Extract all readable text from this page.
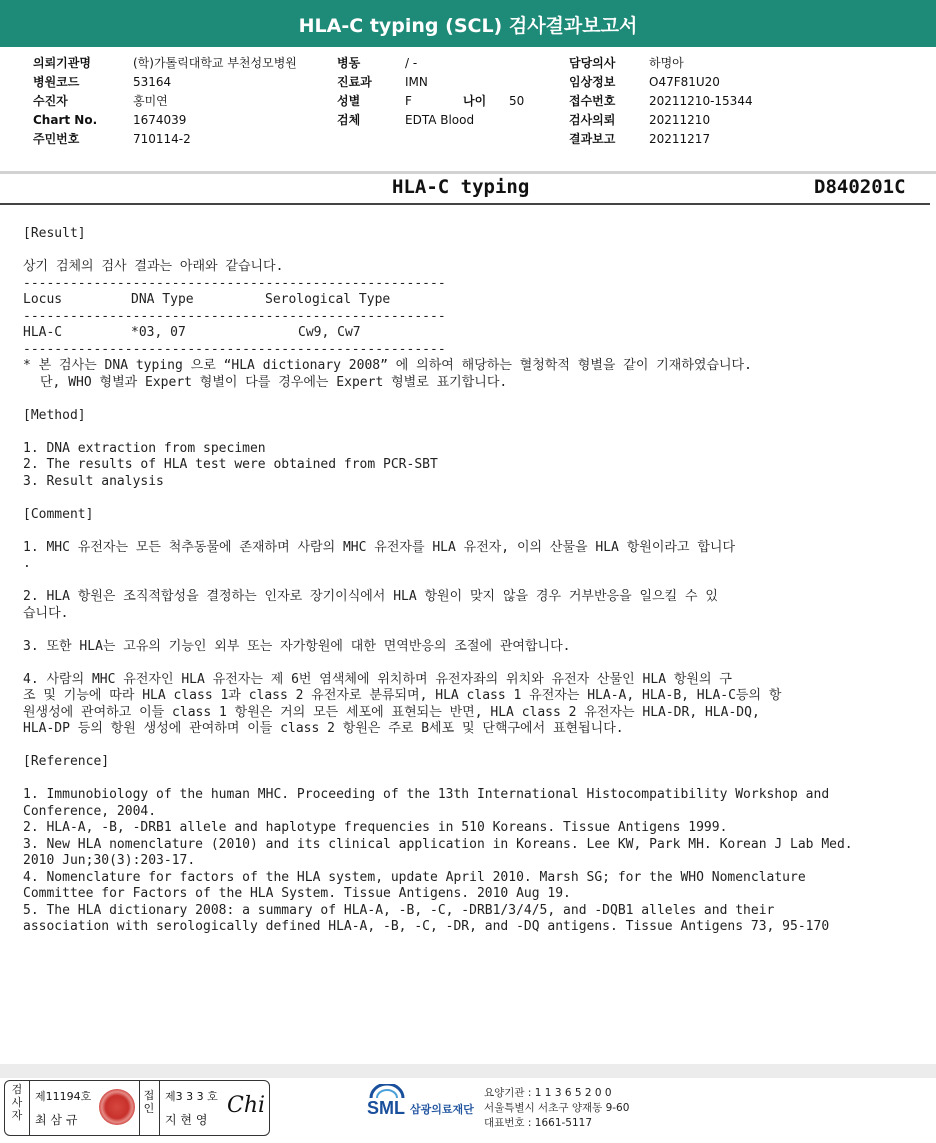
HLA-C typing (SCL) 검사결과보고서
의뢰기관명	(학)가톨릭대학교 부천성모병원
병원코드	53164
수진자	홍미연
Chart No.	1674039
주민번호	710114-2
병동	/ -
진료과	IMN
성별	F	나이 50
검체	EDTA Blood
담당의사	하명아
임상정보	O47F81U20
접수번호	20211210-15344
검사의뢰	20211210
결과보고	20211217
HLA-C typing	D840201C

[Result]

상기 검체의 검사 결과는 아래와 같습니다.

------------------------------------------------------

Locus	DNA Type	Serological Type

------------------------------------------------------

HLA-C	*03, 07	Cw9, Cw7

------------------------------------------------------

* 본 검사는 DNA typing 으로 “HLA dictionary 2008” 에 의하여 해당하는 혈청학적 형별을 같이 기재하였습니다.

단, WHO 형별과 Expert 형별이 다를 경우에는 Expert 형별로 표기합니다.

[Method]

1. DNA extraction from specimen

2. The results of HLA test were obtained from PCR-SBT

3. Result analysis

[Comment]

1. MHC 유전자는 모든 척추동물에 존재하며 사람의 MHC 유전자를 HLA 유전자, 이의 산물을 HLA 항원이라고 합니다

.

2. HLA 항원은 조직적합성을 결정하는 인자로 장기이식에서 HLA 항원이 맞지 않을 경우 거부반응을 일으킬 수 있

습니다.

3. 또한 HLA는 고유의 기능인 외부 또는 자가항원에 대한 면역반응의 조절에 관여합니다.

4. 사람의 MHC 유전자인 HLA 유전자는 제 6번 염색체에 위치하며 유전자좌의 위치와 유전자 산물인 HLA 항원의 구

조 및 기능에 따라 HLA class 1과 class 2 유전자로 분류되며, HLA class 1 유전자는 HLA-A, HLA-B, HLA-C등의 항

원생성에 관여하고 이들 class 1 항원은 거의 모든 세포에 표현되는 반면, HLA class 2 유전자는 HLA-DR, HLA-DQ,

HLA-DP 등의 항원 생성에 관여하며 이들 class 2 항원은 주로 B세포 및 단핵구에서 표현됩니다.

[Reference]

1. Immunobiology of the human MHC. Proceeding of the 13th International Histocompatibility Workshop and

Conference, 2004.

2. HLA-A, -B, -DRB1 allele and haplotype frequencies in 510 Koreans. Tissue Antigens 1999.

3. New HLA nomenclature (2010) and its clinical application in Koreans. Lee KW, Park MH. Korean J Lab Med.

2010 Jun;30(3):203-17.

4. Nomenclature for factors of the HLA system, update April 2010. Marsh SG; for the WHO Nomenclature

Committee for Factors of the HLA System. Tissue Antigens. 2010 Aug 19.

5. The HLA dictionary 2008: a summary of HLA-A, -B, -C, -DRB1/3/4/5, and -DQB1 alleles and their

association with serologically defined HLA-A, -B, -C, -DR, and -DQ antigens. Tissue Antigens 73, 95-170

검
사
자
제11194호
최 삼 규
접
인
제3 3 3 호
지 현 영
Chi	SML 삼광의료재단
요양기관 : 1 1 3 6 5 2 0 0
서울특별시 서초구 양재동 9-60
대표번호 : 1661-5117
